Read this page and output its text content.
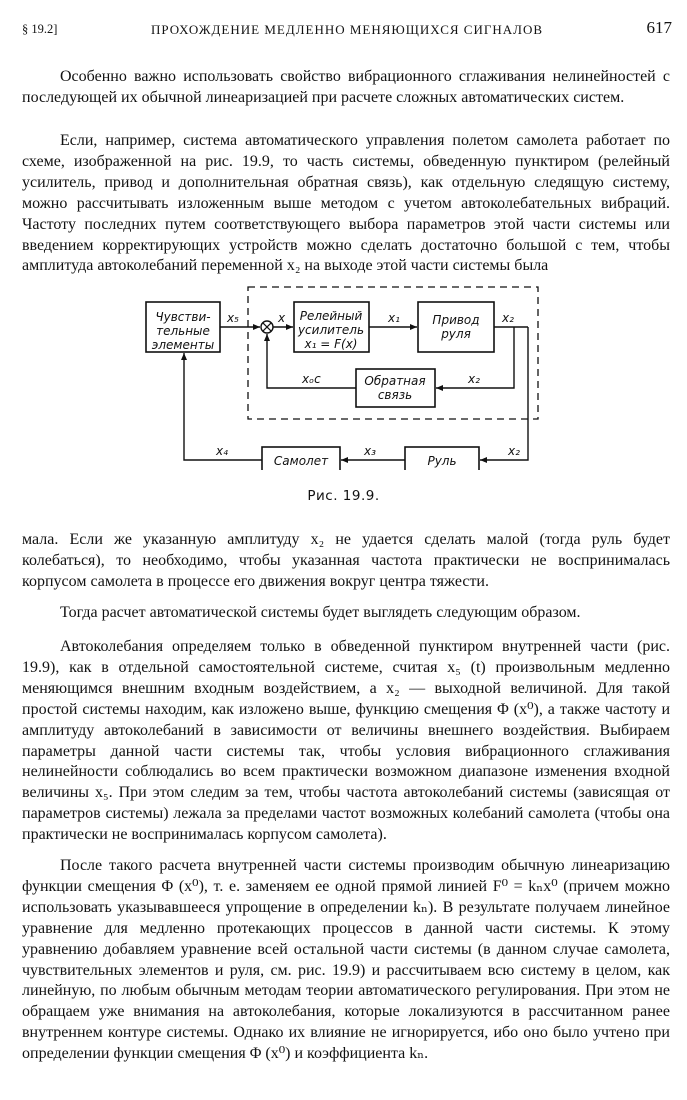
§ 19.2]	ПРОХОЖДЕНИЕ МЕДЛЕННО МЕНЯЮЩИХСЯ СИГНАЛОВ	617

Особенно важно использовать свойство вибрационного сглаживания нелинейностей с последующей их обычной линеаризацией при расчете сложных автоматических систем.

Если, например, система автоматического управления полетом самолета работает по схеме, изображенной на рис. 19.9, то часть системы, обведенную пунктиром (релейный усилитель, привод и дополнительная обратная связь), как отдельную следящую систему, можно рассчитывать изложенным выше методом с учетом автоколебательных вибраций. Частоту последних путем соответствующего выбора параметров этой части системы или введением корректирующих устройств можно сделать достаточно большой с тем, чтобы амплитуда автоколебаний переменной x₂ на выходе этой части системы была

Чувстви-
тельные
элементы
Релейный
усилитель
x₁ = F(x)
Привод
руля
Обратная
связь
Самолет	Руль
x₅	x	x₁	x₂
x₂
xₒc
x₂
x₃
x₄
Рис. 19.9.

мала. Если же указанную амплитуду x₂ не удается сделать малой (тогда руль будет колебаться), то необходимо, чтобы указанная частота практически не воспринималась корпусом самолета в процессе его движения вокруг центра тяжести.

Тогда расчет автоматической системы будет выглядеть следующим образом.

Автоколебания определяем только в обведенной пунктиром внутренней части (рис. 19.9), как в отдельной самостоятельной системе, считая x₅ (t) произвольным медленно меняющимся внешним входным воздействием, а x₂ — выходной величиной. Для такой простой системы находим, как изложено выше, функцию смещения Φ (x⁰), а также частоту и амплитуду автоколебаний в зависимости от величины внешнего воздействия. Выбираем параметры данной части системы так, чтобы условия вибрационного сглаживания нелинейности соблюдались во всем практически возможном диапазоне изменения входной величины x₅. При этом следим за тем, чтобы частота автоколебаний системы (зависящая от параметров системы) лежала за пределами частот возможных колебаний самолета (чтобы она практически не воспринималась корпусом самолета).

После такого расчета внутренней части системы производим обычную линеаризацию функции смещения Φ (x⁰), т. е. заменяем ее одной прямой линией F⁰ = kₙx⁰ (причем можно использовать указывавшееся упрощение в определении kₙ). В результате получаем линейное уравнение для медленно протекающих процессов в данной части системы. К этому уравнению добавляем уравнение всей остальной части системы (в данном случае самолета, чувствительных элементов и руля, см. рис. 19.9) и рассчитываем всю систему в целом, как линейную, по любым обычным методам теории автоматического регулирования. При этом не обращаем уже внимания на автоколебания, которые локализуются в рассчитанном ранее внутреннем контуре системы. Однако их влияние не игнорируется, ибо оно было учтено при определении функции смещения Φ (x⁰) и коэффициента kₙ.
